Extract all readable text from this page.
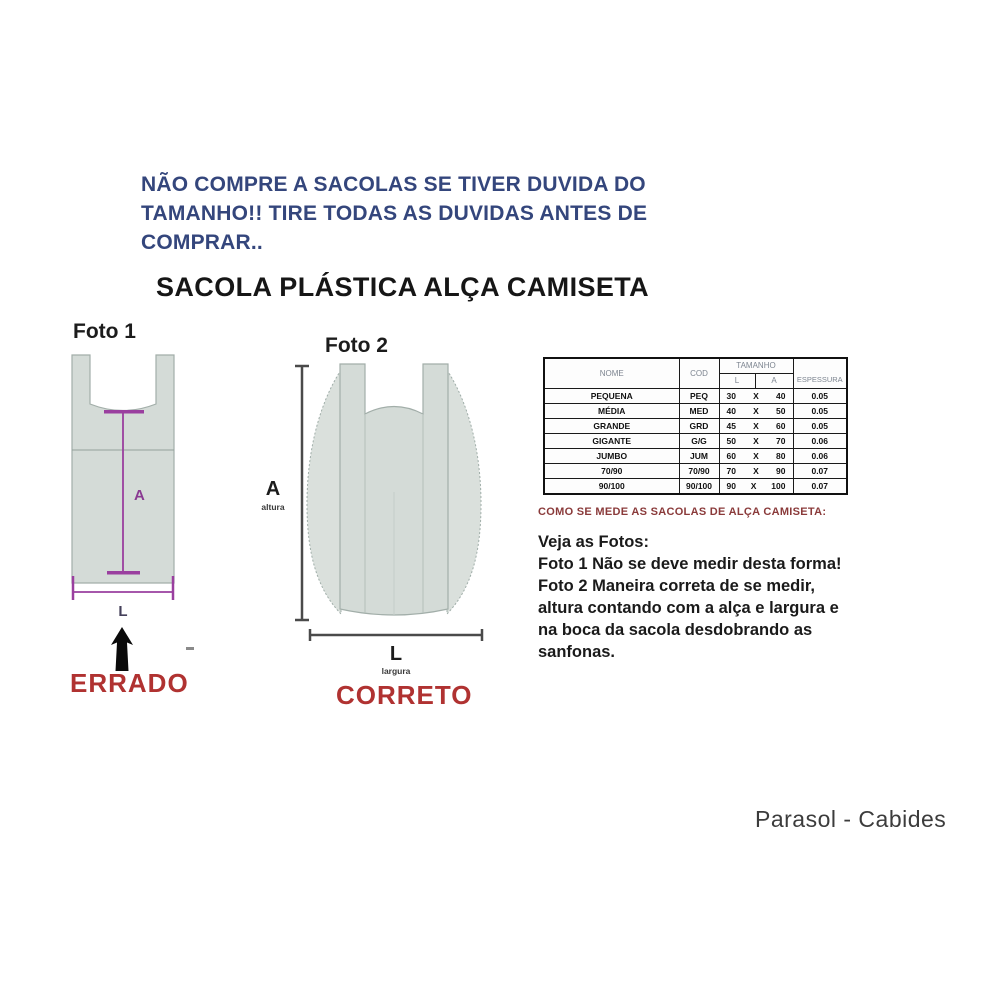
NÃO COMPRE A SACOLAS SE TIVER DUVIDA DO
TAMANHO!! TIRE TODAS AS DUVIDAS ANTES DE
COMPRAR..
SACOLA PLÁSTICA ALÇA CAMISETA
Foto 1
A
L
ERRADO
Foto 2
A
altura
L
largura
CORRETO
NOME	COD	TAMANHO		ESPESSURA
		L	A	
PEQUENA	PEQ	30 X 40		0.05
MÉDIA	MED	40 X 50		0.05
GRANDE	GRD	45 X 60		0.05
GIGANTE	G/G	50 X 70		0.06
JUMBO	JUM	60 X 80		0.06
70/90	70/90	70 X 90		0.07
90/100	90/100	90 X 100		0.07
COMO SE MEDE AS SACOLAS DE ALÇA CAMISETA:
Veja as Fotos:
Foto 1 Não se deve medir desta forma!
Foto 2 Maneira correta de se medir,
altura contando com a alça e largura e
na boca da sacola desdobrando as
sanfonas.
Parasol - Cabides
